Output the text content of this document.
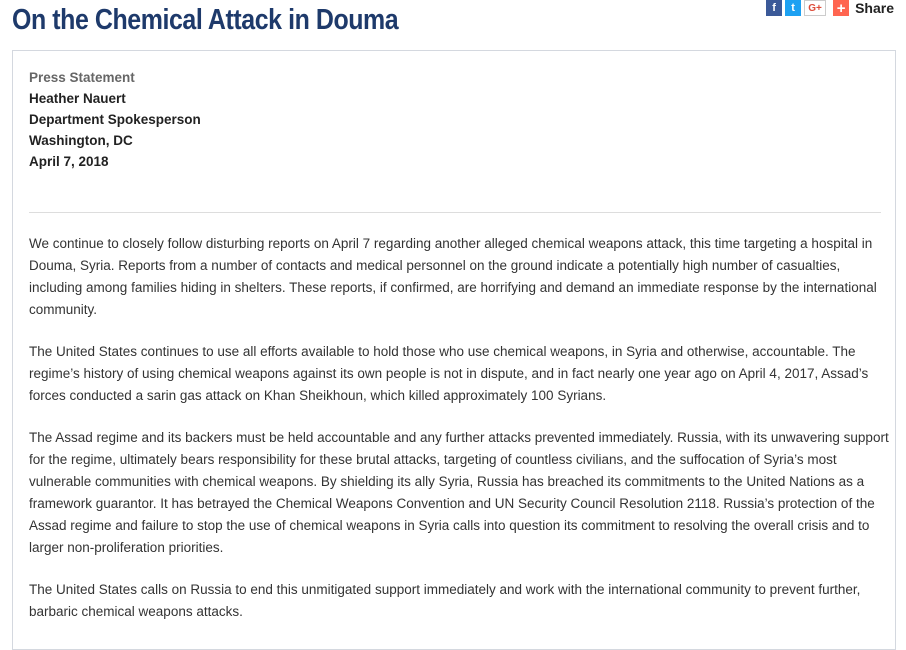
On the Chemical Attack in Douma	f	t	G+ + Share
Press Statement
Heather Nauert
Department Spokesperson
Washington, DC
April 7, 2018

We continue to closely follow disturbing reports on April 7 regarding another alleged chemical weapons attack, this time targeting a hospital in Douma, Syria. Reports from a number of contacts and medical personnel on the ground indicate a potentially high number of casualties, including among families hiding in shelters. These reports, if confirmed, are horrifying and demand an immediate response by the international community.

The United States continues to use all efforts available to hold those who use chemical weapons, in Syria and otherwise, accountable. The regime’s history of using chemical weapons against its own people is not in dispute, and in fact nearly one year ago on April 4, 2017, Assad’s forces conducted a sarin gas attack on Khan Sheikhoun, which killed approximately 100 Syrians.

The Assad regime and its backers must be held accountable and any further attacks prevented immediately. Russia, with its unwavering support for the regime, ultimately bears responsibility for these brutal attacks, targeting of countless civilians, and the suffocation of Syria’s most vulnerable communities with chemical weapons. By shielding its ally Syria, Russia has breached its commitments to the United Nations as a framework guarantor. It has betrayed the Chemical Weapons Convention and UN Security Council Resolution 2118. Russia’s protection of the Assad regime and failure to stop the use of chemical weapons in Syria calls into question its commitment to resolving the overall crisis and to larger non-proliferation priorities.

The United States calls on Russia to end this unmitigated support immediately and work with the international community to prevent further, barbaric chemical weapons attacks.
